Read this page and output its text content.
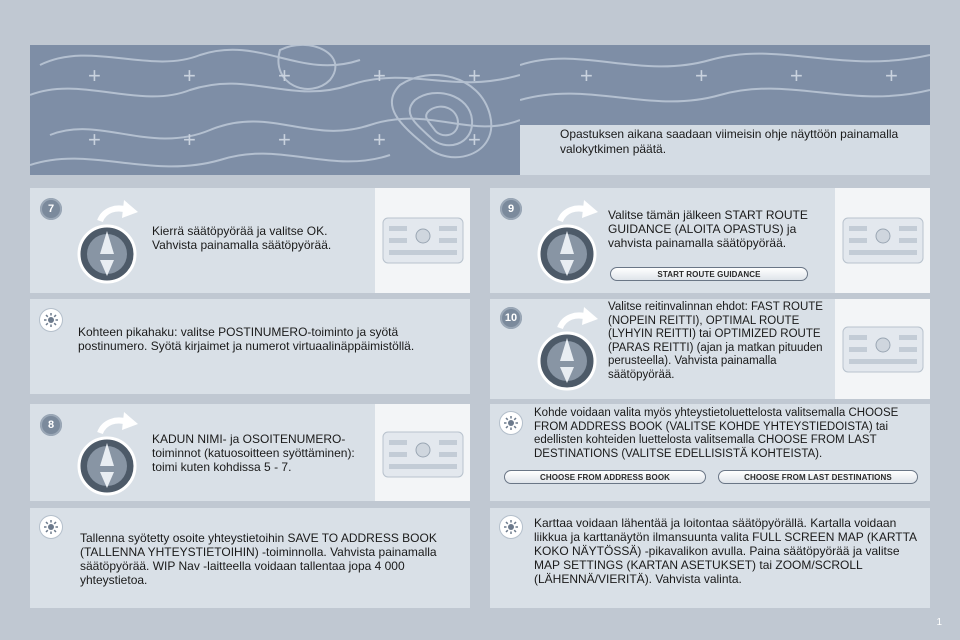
+	+	+	+	+
+	+	+	+	+
+	+	+	+

Opastuksen aikana saadaan viimeisin ohje näyttöön painamalla valokytkimen päätä.

7
Kierrä säätöpyörää ja valitse OK. Vahvista painamalla säätöpyörää.
Kohteen pikahaku: valitse POSTINUMERO-toiminto ja syötä postinumero. Syötä kirjaimet ja numerot virtuaalinäppäimistöllä.
8
KADUN NIMI- ja OSOITENUMERO-toiminnot (katuosoitteen syöttäminen): toimi kuten kohdissa 5 - 7.
Tallenna syötetty osoite yhteystietoihin SAVE TO ADDRESS BOOK (TALLENNA YHTEYSTIETOIHIN) -toiminnolla. Vahvista painamalla säätöpyörää. WIP Nav -laitteella voidaan tallentaa jopa 4 000 yhteystietoa.
9	Valitse tämän jälkeen START ROUTE GUIDANCE (ALOITA OPASTUS) ja vahvista painamalla säätöpyörää.
START ROUTE GUIDANCE
10
Valitse reitinvalinnan ehdot: FAST ROUTE (NOPEIN REITTI), OPTIMAL ROUTE (LYHYIN REITTI) tai OPTIMIZED ROUTE (PARAS REITTI) (ajan ja matkan pituuden perusteella). Vahvista painamalla säätöpyörää.
Kohde voidaan valita myös yhteystietoluettelosta valitsemalla CHOOSE FROM ADDRESS BOOK (VALITSE KOHDE YHTEYSTIEDOISTA) tai edellisten kohteiden luettelosta valitsemalla CHOOSE FROM LAST DESTINATIONS (VALITSE EDELLISISTÄ KOHTEISTA).
CHOOSE FROM ADDRESS BOOK	CHOOSE FROM LAST DESTINATIONS
Karttaa voidaan lähentää ja loitontaa säätöpyörällä. Kartalla voidaan liikkua ja karttanäytön ilmansuunta valita FULL SCREEN MAP (KARTTA KOKO NÄYTÖSSÄ) -pikavalikon avulla. Paina säätöpyörää ja valitse MAP SETTINGS (KARTAN ASETUKSET) tai ZOOM/SCROLL (LÄHENNÄ/VIERITÄ). Vahvista valinta.
1
